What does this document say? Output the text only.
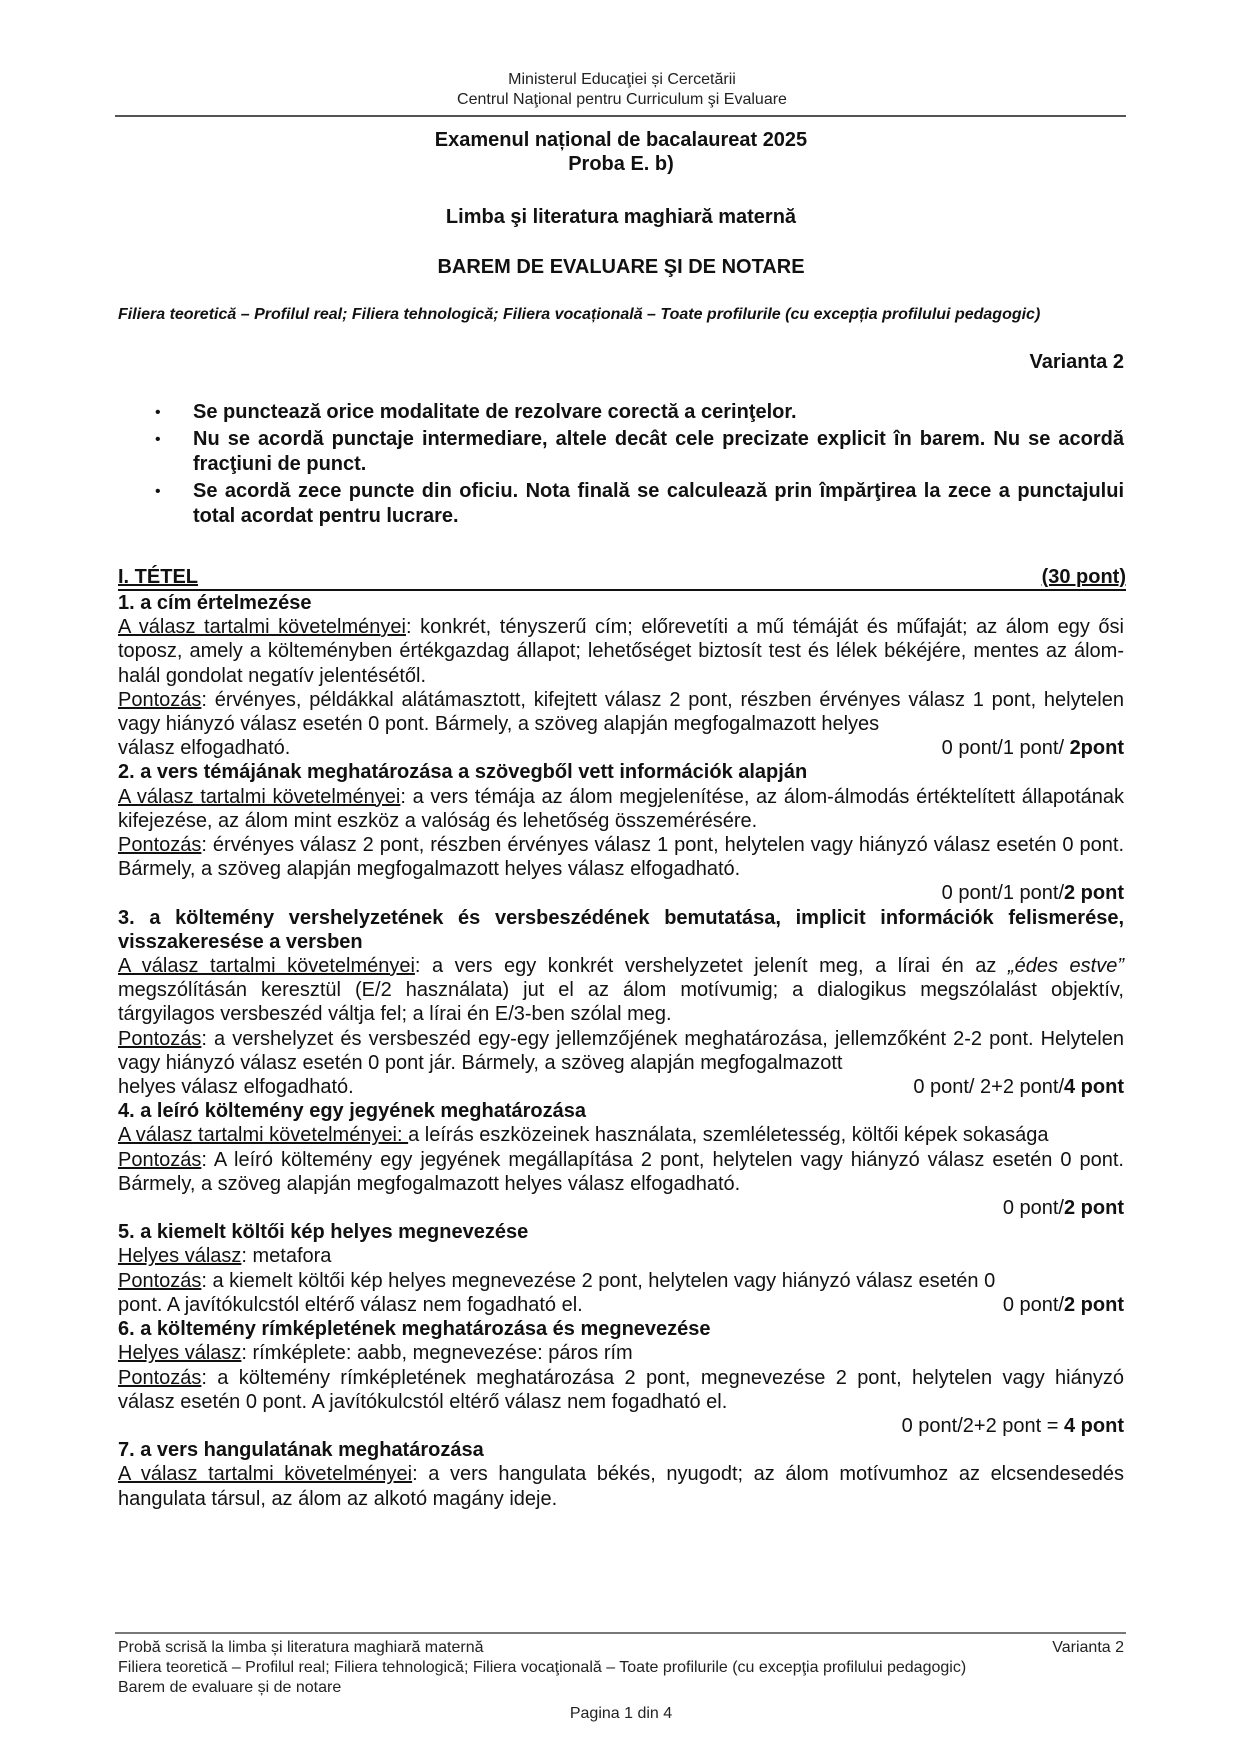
Ministerul Educaţiei și Cercetării
Centrul Naţional pentru Curriculum şi Evaluare
Examenul național de bacalaureat 2025
Proba E. b)
Limba şi literatura maghiară maternă
BAREM DE EVALUARE ŞI DE NOTARE
Filiera teoretică – Profilul real; Filiera tehnologică; Filiera vocațională – Toate profilurile (cu excepția profilului pedagogic)
Varianta 2
• Se punctează orice modalitate de rezolvare corectă a cerinţelor.
• Nu se acordă punctaje intermediare, altele decât cele precizate explicit în barem. Nu se acordă fracţiuni de punct.
• Se acordă zece puncte din oficiu. Nota finală se calculează prin împărţirea la zece a punctajului total acordat pentru lucrare.
I. TÉTEL	(30 pont)
1. a cím értelmezése
A válasz tartalmi követelményei: konkrét, tényszerű cím; előrevetíti a mű témáját és műfaját; az álom egy ősi toposz, amely a költeményben értékgazdag állapot; lehetőséget biztosít test és lélek békéjére, mentes az álom-halál gondolat negatív jelentésétől.
Pontozás: érvényes, példákkal alátámasztott, kifejtett válasz 2 pont, részben érvényes válasz 1 pont, helytelen vagy hiányzó válasz esetén 0 pont. Bármely, a szöveg alapján megfogalmazott helyes
válasz elfogadható.	0 pont/1 pont/ 2pont
2. a vers témájának meghatározása a szövegből vett információk alapján
A válasz tartalmi követelményei: a vers témája az álom megjelenítése, az álom-álmodás értéktelített állapotának kifejezése, az álom mint eszköz a valóság és lehetőség összemérésére.
Pontozás: érvényes válasz 2 pont, részben érvényes válasz 1 pont, helytelen vagy hiányzó válasz esetén 0 pont. Bármely, a szöveg alapján megfogalmazott helyes válasz elfogadható.
0 pont/1 pont/2 pont
3. a költemény vershelyzetének és versbeszédének bemutatása, implicit információk felismerése, visszakeresése a versben
A válasz tartalmi követelményei: a vers egy konkrét vershelyzetet jelenít meg, a lírai én az „édes estve” megszólításán keresztül (E/2 használata) jut el az álom motívumig; a dialogikus megszólalást objektív, tárgyilagos versbeszéd váltja fel; a lírai én E/3-ben szólal meg.
Pontozás: a vershelyzet és versbeszéd egy-egy jellemzőjének meghatározása, jellemzőként 2-2 pont. Helytelen vagy hiányzó válasz esetén 0 pont jár. Bármely, a szöveg alapján megfogalmazott
helyes válasz elfogadható.	0 pont/ 2+2 pont/4 pont
4. a leíró költemény egy jegyének meghatározása
A válasz tartalmi követelményei: a leírás eszközeinek használata, szemléletesség, költői képek sokasága
Pontozás: A leíró költemény egy jegyének megállapítása 2 pont, helytelen vagy hiányzó válasz esetén 0 pont. Bármely, a szöveg alapján megfogalmazott helyes válasz elfogadható.
0 pont/2 pont
5. a kiemelt költői kép helyes megnevezése
Helyes válasz: metafora
Pontozás: a kiemelt költői kép helyes megnevezése 2 pont, helytelen vagy hiányzó válasz esetén 0
pont. A javítókulcstól eltérő válasz nem fogadható el.	0 pont/2 pont
6. a költemény rímképletének meghatározása és megnevezése
Helyes válasz: rímképlete: aabb, megnevezése: páros rím
Pontozás: a költemény rímképletének meghatározása 2 pont, megnevezése 2 pont, helytelen vagy hiányzó válasz esetén 0 pont. A javítókulcstól eltérő válasz nem fogadható el.
0 pont/2+2 pont = 4 pont
7. a vers hangulatának meghatározása
A válasz tartalmi követelményei: a vers hangulata békés, nyugodt; az álom motívumhoz az elcsendesedés hangulata társul, az álom az alkotó magány ideje.
Probă scrisă la limba și literatura maghiară maternă	Varianta 2
Filiera teoretică – Profilul real; Filiera tehnologică; Filiera vocaţională – Toate profilurile (cu excepţia profilului pedagogic)
Barem de evaluare și de notare
Pagina 1 din 4
